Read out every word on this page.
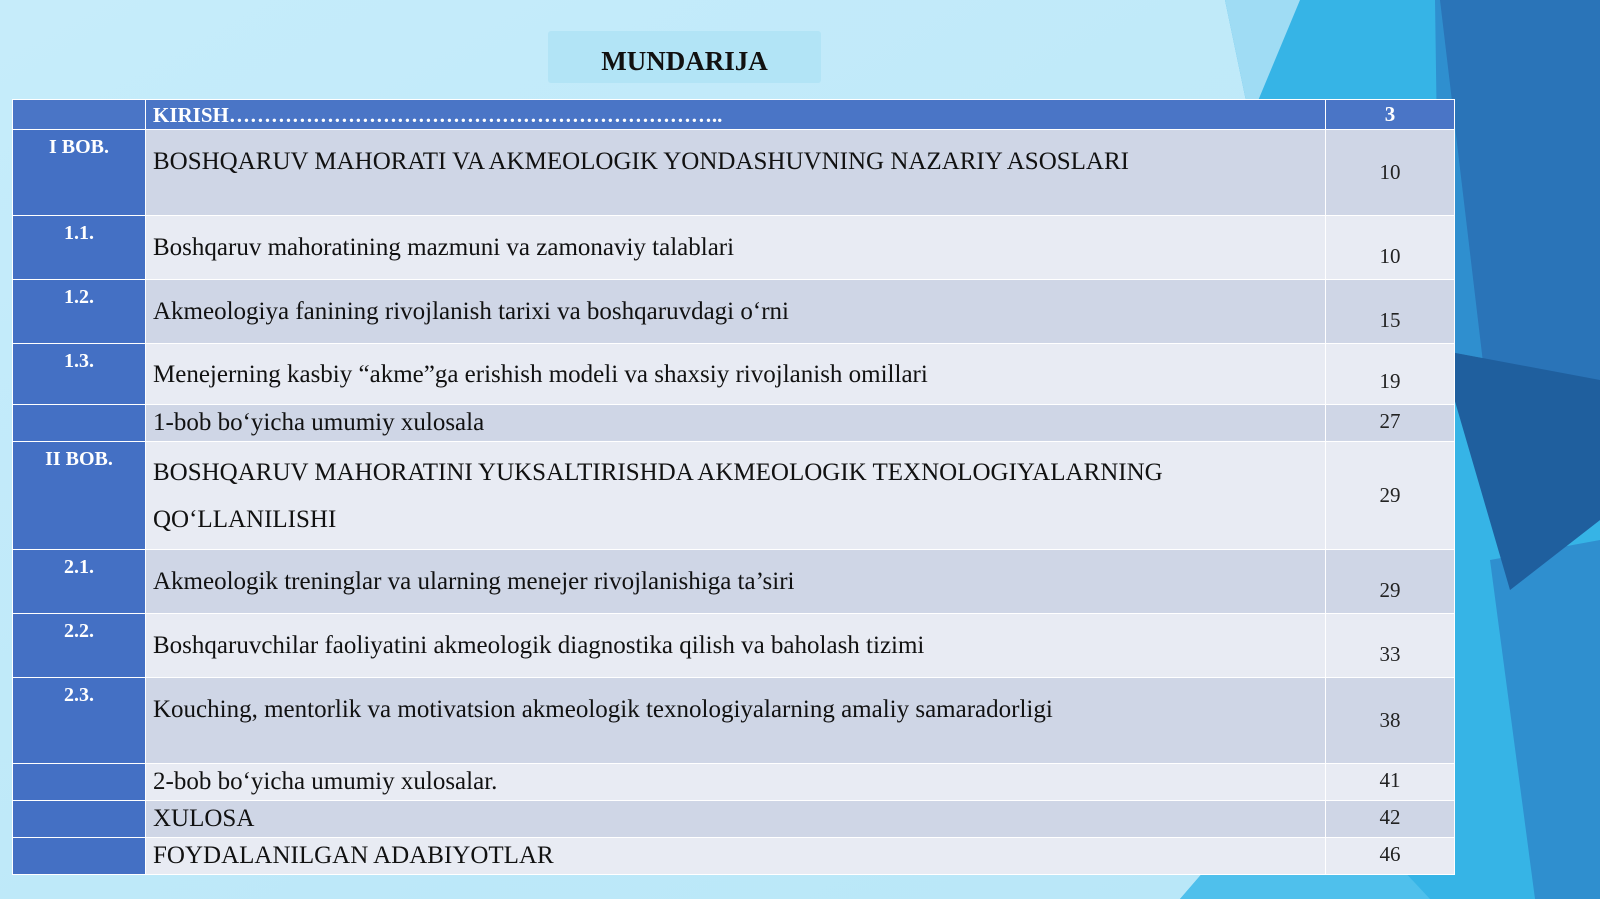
MUNDARIJA
	KIRISH……………………………………………………………..	3
I BOB.	BOSHQARUV MAHORATI VA AKMEOLOGIK YONDASHUVNING NAZARIY ASOSLARI	10
1.1.	Boshqaruv mahoratining mazmuni va zamonaviy talablari	10
1.2.	Akmeologiya fanining rivojlanish tarixi va boshqaruvdagi o‘rni	15
1.3.	Menejerning kasbiy “akme”ga erishish modeli va shaxsiy rivojlanish omillari	19
	1-bob bo‘yicha umumiy xulosala	27
II BOB.	BOSHQARUV MAHORATINI YUKSALTIRISHDA AKMEOLOGIK TEXNOLOGIYALARNING QO‘LLANILISHI	29
2.1.	Akmeologik treninglar va ularning menejer rivojlanishiga ta’siri	29
2.2.	Boshqaruvchilar faoliyatini akmeologik diagnostika qilish va baholash tizimi	33
2.3.	Kouching, mentorlik va motivatsion akmeologik texnologiyalarning amaliy samaradorligi	38
	2-bob bo‘yicha umumiy xulosalar.	41
	XULOSA	42
	FOYDALANILGAN ADABIYOTLAR	46
